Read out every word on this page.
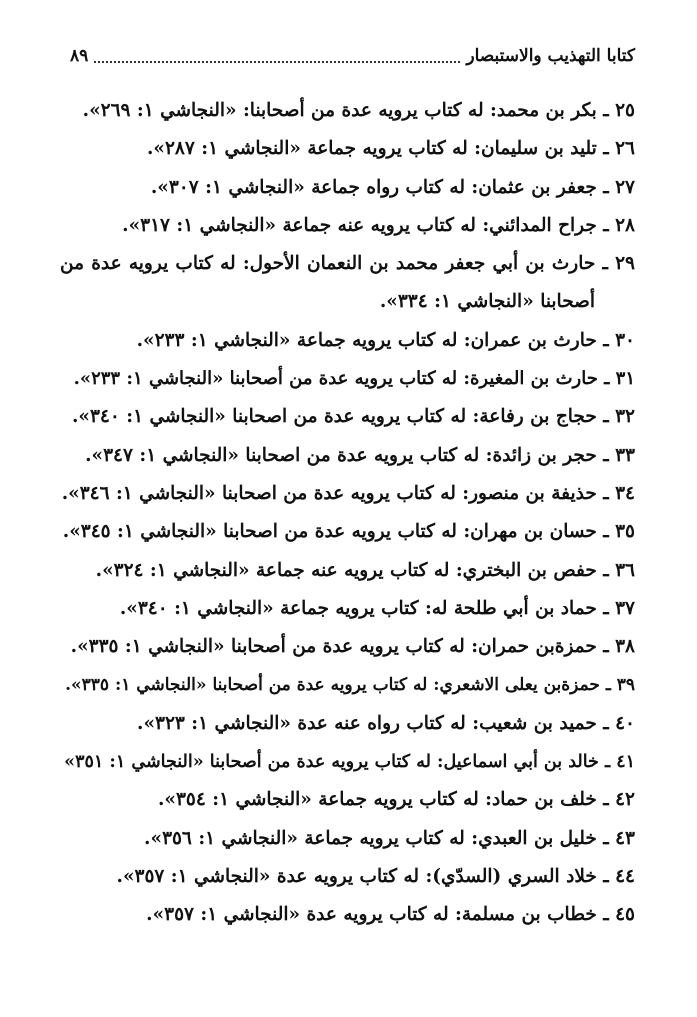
كتابا التهذيب والاستبصار
٨٩
٢٥ ـ بكر بن محمد: له كتاب يرويه عدة من أصحابنا: «النجاشي ١: ٢٦٩».
٢٦ ـ تليد بن سليمان: له كتاب يرويه جماعة «النجاشي ١: ٢٨٧».
٢٧ ـ جعفر بن عثمان: له كتاب رواه جماعة «النجاشي ١: ٣٠٧».
٢٨ ـ جراح المدائني: له كتاب يرويه عنه جماعة «النجاشي ١: ٣١٧».
٢٩ ـ حارث بن أبي جعفر محمد بن النعمان الأحول: له كتاب يرويه عدة من
أصحابنا «النجاشي ١: ٣٣٤».
٣٠ ـ حارث بن عمران: له كتاب يرويه جماعة «النجاشي ١: ٢٣٣».
٣١ ـ حارث بن المغيرة: له كتاب يرويه عدة من أصحابنا «النجاشي ١: ٢٣٣».
٣٢ ـ حجاج بن رفاعة: له كتاب يرويه عدة من اصحابنا «النجاشي ١: ٣٤٠».
٣٣ ـ حجر بن زائدة: له كتاب يرويه عدة من اصحابنا «النجاشي ١: ٣٤٧».
٣٤ ـ حذيفة بن منصور: له كتاب يرويه عدة من اصحابنا «النجاشي ١: ٣٤٦».
٣٥ ـ حسان بن مهران: له كتاب يرويه عدة من اصحابنا «النجاشي ١: ٣٤٥».
٣٦ ـ حفص بن البختري: له كتاب يرويه عنه جماعة «النجاشي ١: ٣٢٤».
٣٧ ـ حماد بن أبي طلحة له: كتاب يرويه جماعة «النجاشي ١: ٣٤٠».
٣٨ ـ حمزةبن حمران: له كتاب يرويه عدة من أصحابنا «النجاشي ١: ٣٣٥».
٣٩ ـ حمزةبن يعلى الاشعري: له كتاب يرويه عدة من أصحابنا «النجاشي ١: ٣٣٥».
٤٠ ـ حميد بن شعيب: له كتاب رواه عنه عدة «النجاشي ١: ٣٢٣».
٤١ ـ خالد بن أبي اسماعيل: له كتاب يرويه عدة من أصحابنا «النجاشي ١: ٣٥١»
٤٢ ـ خلف بن حماد: له كتاب يرويه جماعة «النجاشي ١: ٣٥٤».
٤٣ ـ خليل بن العبدي: له كتاب يرويه جماعة «النجاشي ١: ٣٥٦».
٤٤ ـ خلاد السري (السدّي): له كتاب يرويه عدة «النجاشي ١: ٣٥٧».
٤٥ ـ خطاب بن مسلمة: له كتاب يرويه عدة «النجاشي ١: ٣٥٧».
